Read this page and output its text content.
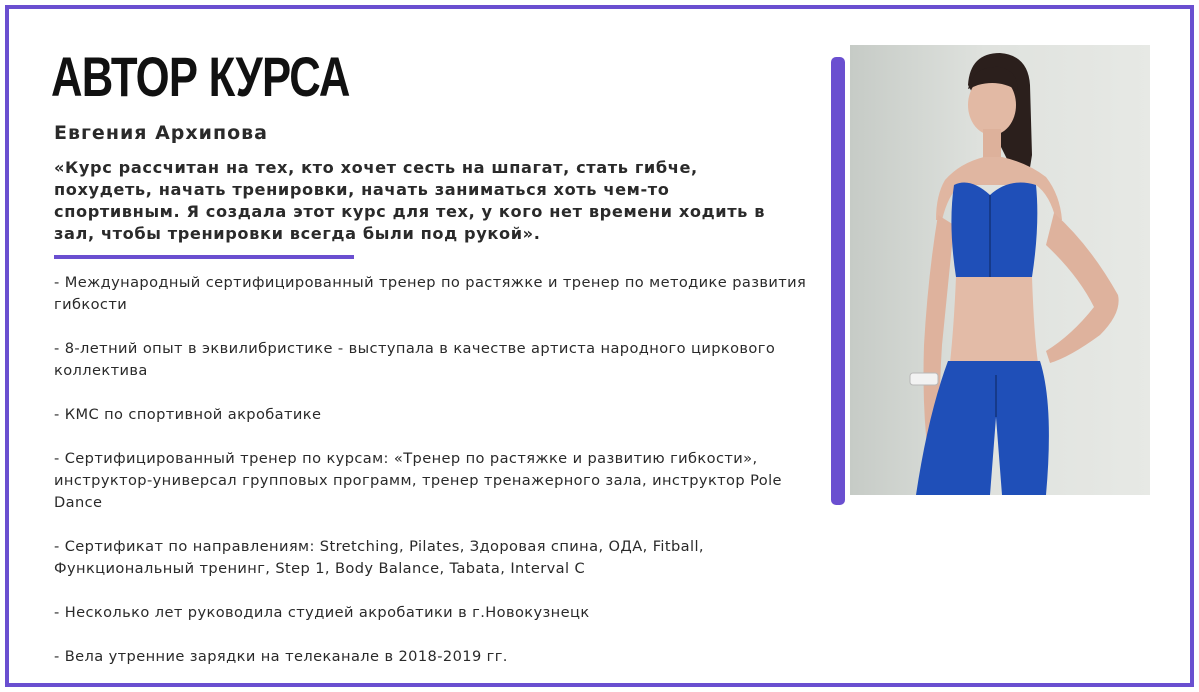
АВТОР КУРСА
Евгения Архипова

«Курс рассчитан на тех, кто хочет сесть на шпагат, стать гибче, похудеть, начать тренировки, начать заниматься хоть чем-то спортивным. Я создала этот курс для тех, у кого нет времени ходить в зал, чтобы тренировки всегда были под рукой».

- Международный сертифицированный тренер по растяжке и тренер по методике развития гибкости
- 8-летний опыт в эквилибристике - выступала в качестве артиста народного циркового коллектива
- КМС по спортивной акробатике
- Сертифицированный тренер по курсам: «Тренер по растяжке и развитию гибкости», инструктор-универсал групповых программ, тренер тренажерного зала, инструктор Pole Dance
- Сертификат по направлениям: Stretching, Pilates, Здоровая спина, ОДА, Fitball, Функциональный тренинг, Step 1, Body Balance, Tabata, Interval C
- Несколько лет руководила студией акробатики в г.Новокузнецк
- Вела утренние зарядки на телеканале в 2018-2019 гг.
